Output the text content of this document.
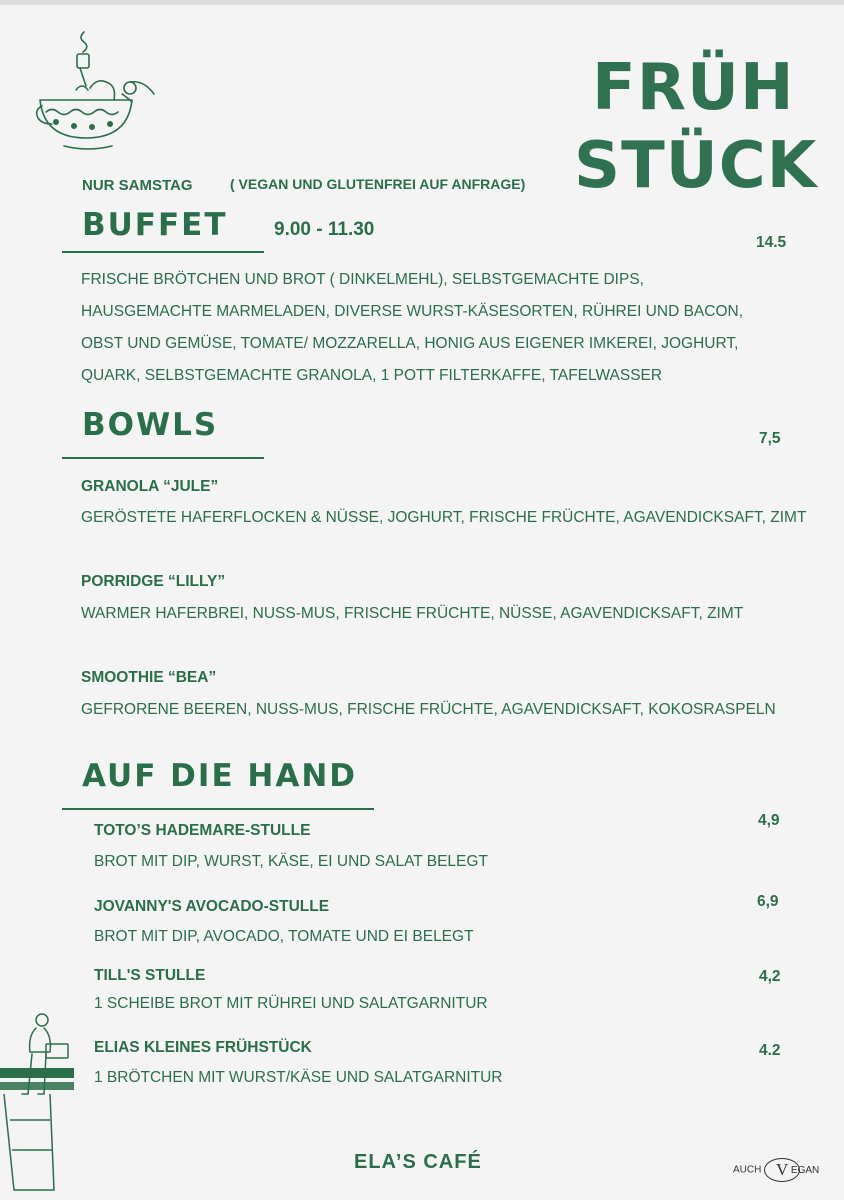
FRÜH
STÜCK
NUR SAMSTAG	( VEGAN UND GLUTENFREI AUF ANFRAGE)
BUFFET 9.00 - 11.30
14.5
FRISCHE BRÖTCHEN UND BROT ( DINKELMEHL), SELBSTGEMACHTE DIPS,
HAUSGEMACHTE MARMELADEN, DIVERSE WURST-KÄSESORTEN, RÜHREI UND BACON,
OBST UND GEMÜSE, TOMATE/ MOZZARELLA, HONIG AUS EIGENER IMKEREI, JOGHURT,
QUARK, SELBSTGEMACHTE GRANOLA, 1 POTT FILTERKAFFE, TAFELWASSER
BOWLS	7,5
GRANOLA “JULE”
GERÖSTETE HAFERFLOCKEN & NÜSSE, JOGHURT, FRISCHE FRÜCHTE, AGAVENDICKSAFT, ZIMT
PORRIDGE “LILLY”
WARMER HAFERBREI, NUSS-MUS, FRISCHE FRÜCHTE, NÜSSE, AGAVENDICKSAFT, ZIMT
SMOOTHIE “BEA”
GEFRORENE BEEREN, NUSS-MUS, FRISCHE FRÜCHTE, AGAVENDICKSAFT, KOKOSRASPELN
AUF DIE HAND
TOTO’S HADEMARE-STULLE
4,9
BROT MIT DIP, WURST, KÄSE, EI UND SALAT BELEGT
JOVANNY'S AVOCADO-STULLE	6,9
BROT MIT DIP, AVOCADO, TOMATE UND EI BELEGT
TILL'S STULLE	4,2
1 SCHEIBE BROT MIT RÜHREI UND SALATGARNITUR
ELIAS KLEINES FRÜHSTÜCK	4.2
1 BRÖTCHEN MIT WURST/KÄSE UND SALATGARNITUR
ELA’S CAFÉ	AUCH V EGAN
